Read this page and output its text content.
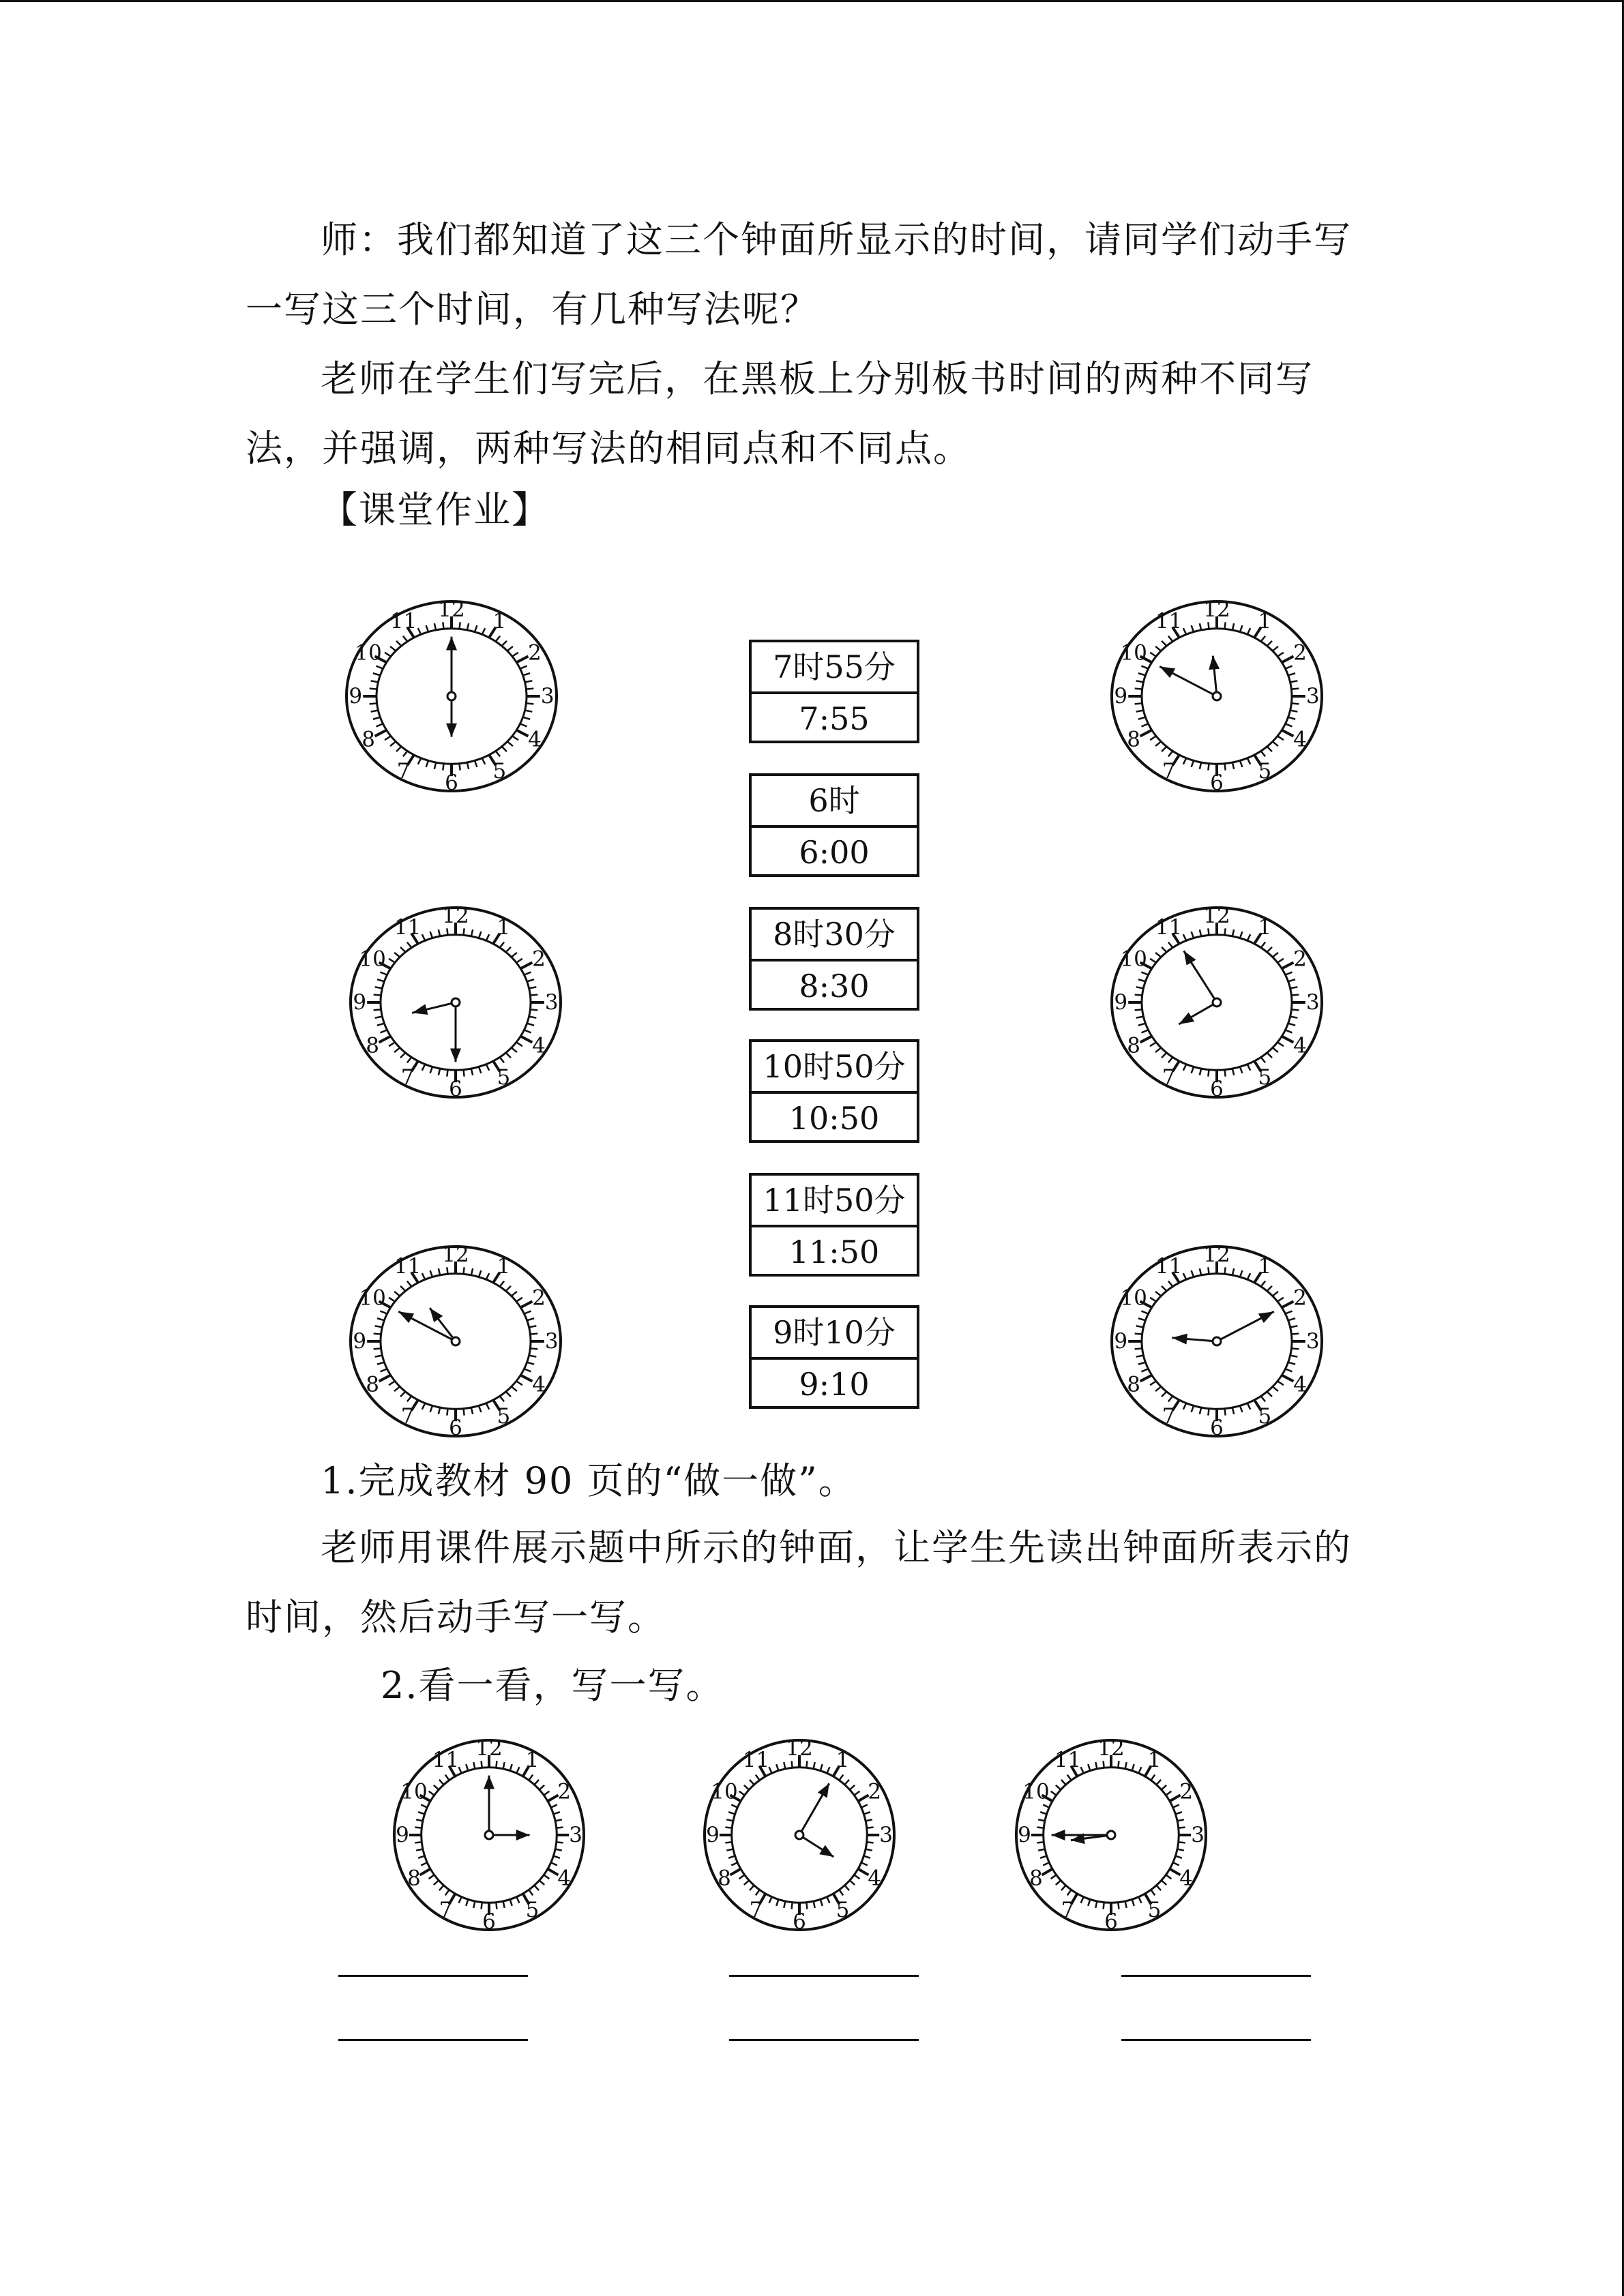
师：我们都知道了这三个钟面所显示的时间，请同学们动手写

一写这三个时间，有几种写法呢？

老师在学生们写完后，在黑板上分别板书时间的两种不同写

法，并强调，两种写法的相同点和不同点。

【课堂作业】

12 1
2
3
4
5
6
7
8
9
10
11
12 1
2
3
4
5
6
7
8
9
10
11
12 1
2
3
4
5
6
7
8
9
10
11
12 1
2
3
4
5
6
7
8
9
10
11
12 1
2
3
4
5
6
7
8
9
10
11
12 1
2
3
4
5
6
7
8
9
10
11
7时55分
7:55
6时
6:00
8时30分
8:30
10时50分
10:50
11时50分
11:50
9时10分
9:10

1.完成教材 90 页的“做一做”。

老师用课件展示题中所示的钟面，让学生先读出钟面所表示的

时间，然后动手写一写。

2.看一看，写一写。

12 1
2
3
4
5
6
7
8
9
10
11	12 1
2
3
4
5
6
7
8
9
10
11	12 1
2
3
4
5
6
7
8
9
10
11
